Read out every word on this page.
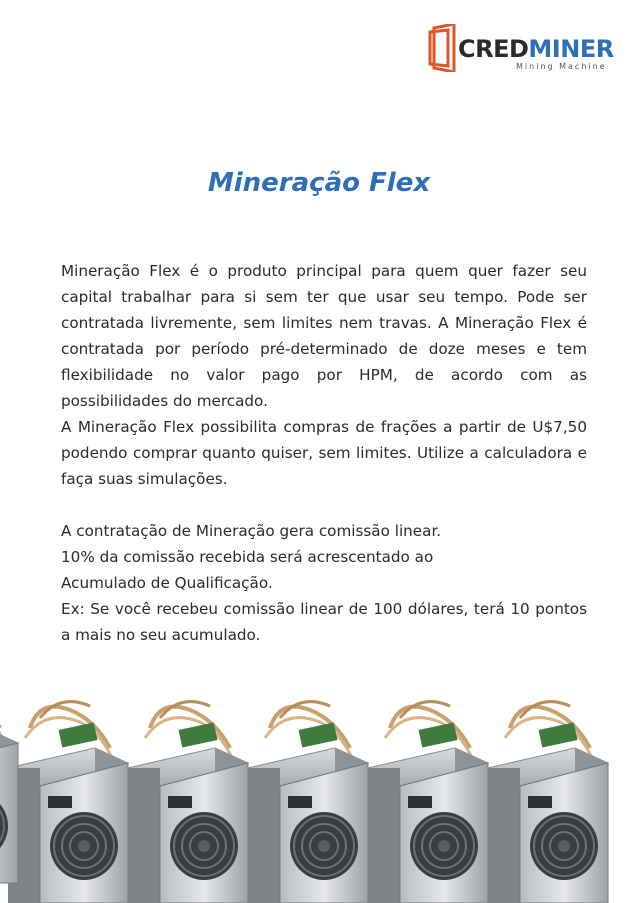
CREDMINER
Mining Machine
Mineração Flex

Mineração Flex é o produto principal para quem quer fazer seu capital trabalhar para si sem ter que usar seu tempo. Pode ser contratada livremente, sem limites nem travas. A Mineração Flex é contratada por período pré-determinado de doze meses e tem flexibilidade no valor pago por HPM, de acordo com as possibilidades do mercado.

A Mineração Flex possibilita compras de frações a partir de U$7,50 podendo comprar quanto quiser, sem limites. Utilize a calculadora e faça suas simulações.

A contratação de Mineração gera comissão linear.

10% da comissão recebida será acrescentado ao

Acumulado de Qualificação.

Ex: Se você recebeu comissão linear de 100 dólares, terá 10 pontos a mais no seu acumulado.
